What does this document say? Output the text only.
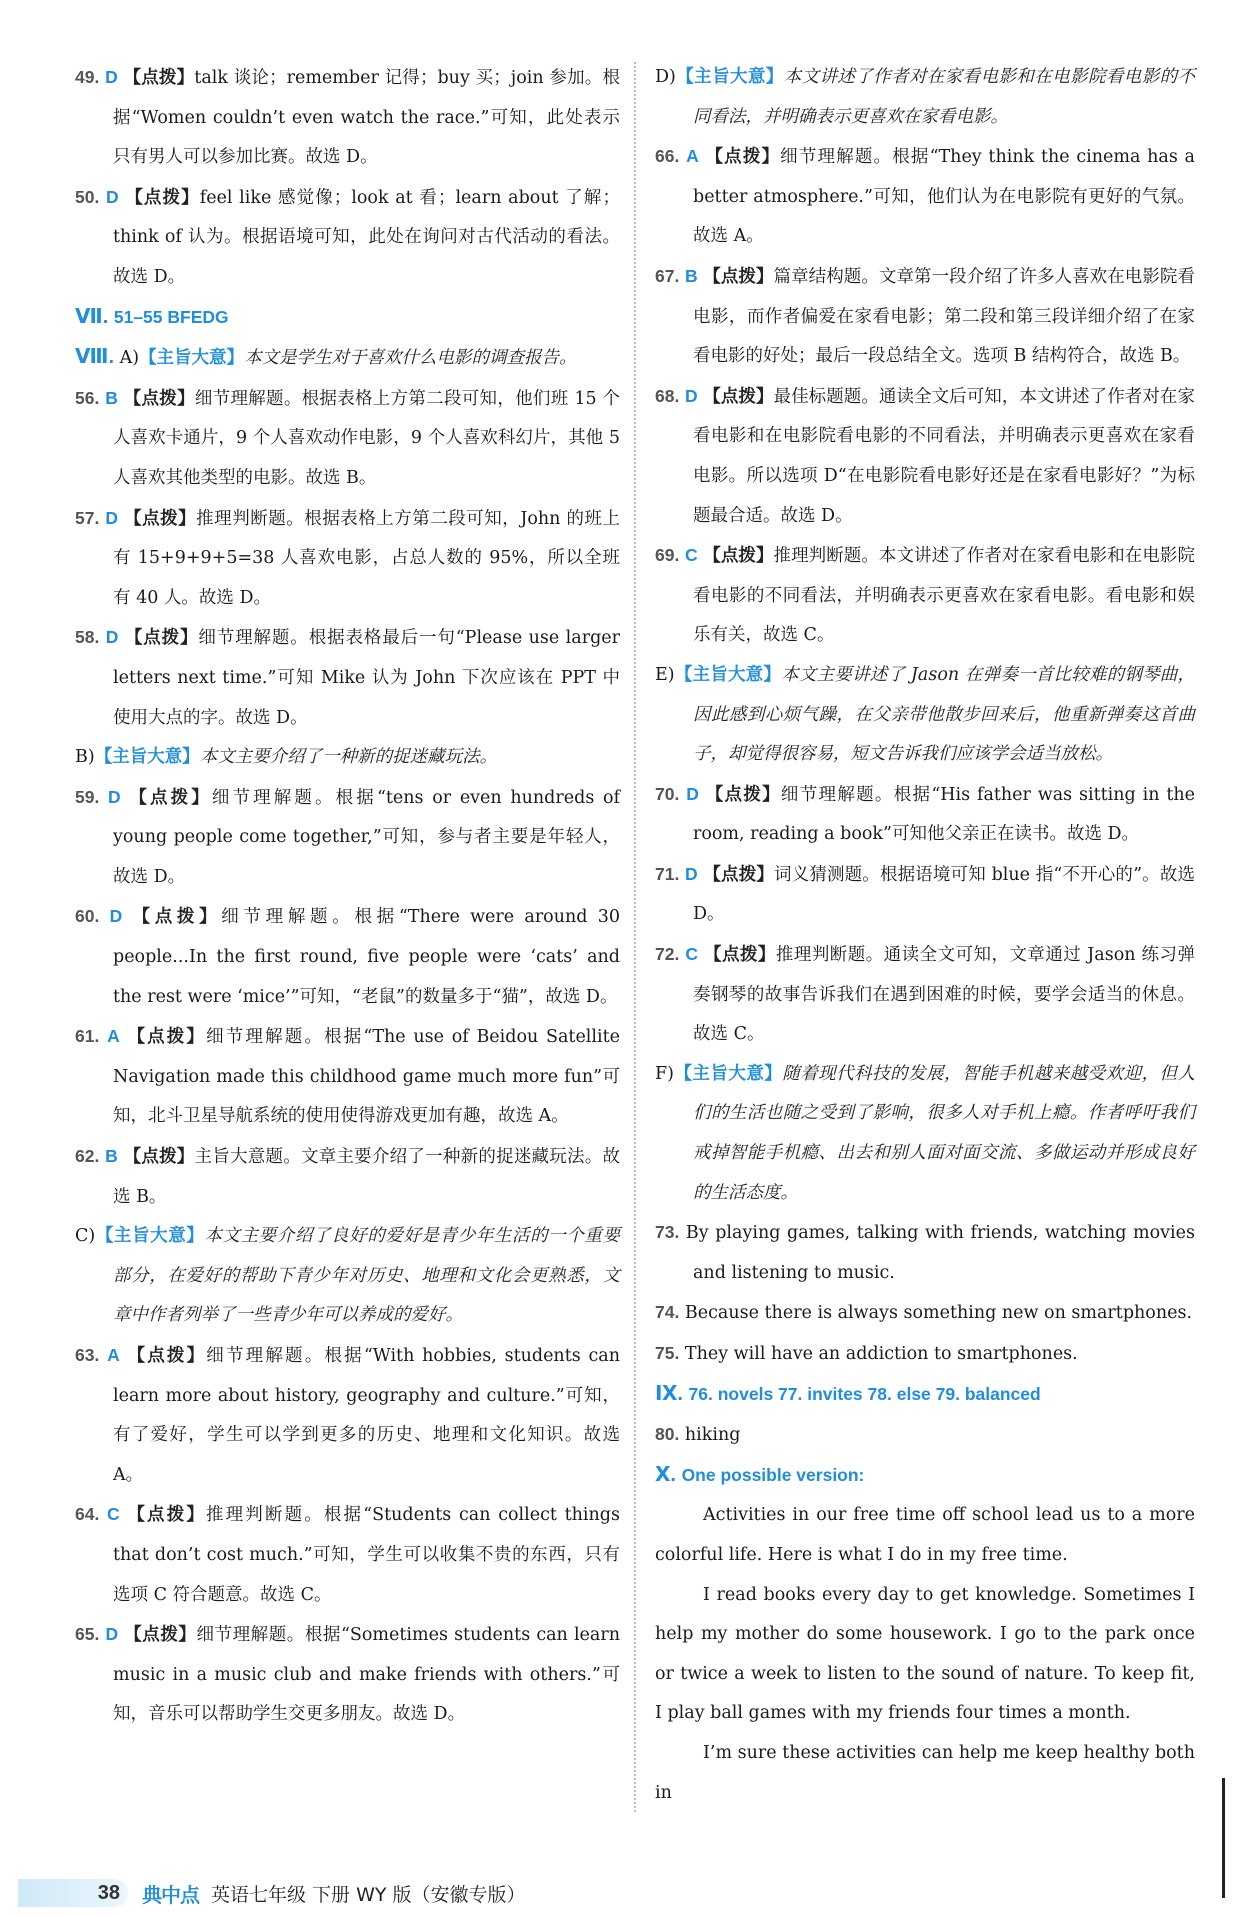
49. D 【点拨】talk 谈论；remember 记得；buy 买；join 参加。根据“Women couldn’t even watch the race.”可知，此处表示只有男人可以参加比赛。故选 D。

50. D 【点拨】feel like 感觉像；look at 看；learn about 了解；think of 认为。根据语境可知，此处在询问对古代活动的看法。故选 D。

Ⅶ. 51–55 BFEDG

Ⅷ. A)【主旨大意】本文是学生对于喜欢什么电影的调查报告。

56. B 【点拨】细节理解题。根据表格上方第二段可知，他们班 15 个人喜欢卡通片，9 个人喜欢动作电影，9 个人喜欢科幻片，其他 5 人喜欢其他类型的电影。故选 B。

57. D 【点拨】推理判断题。根据表格上方第二段可知，John 的班上有 15+9+9+5=38 人喜欢电影，占总人数的 95%，所以全班有 40 人。故选 D。

58. D 【点拨】细节理解题。根据表格最后一句“Please use larger letters next time.”可知 Mike 认为 John 下次应该在 PPT 中使用大点的字。故选 D。

B)【主旨大意】本文主要介绍了一种新的捉迷藏玩法。

59. D 【点拨】细节理解题。根据“tens or even hundreds of young people come together,”可知，参与者主要是年轻人，故选 D。

60. D 【点拨】细节理解题。根据“There were around 30 people...In the first round, five people were ‘cats’ and the rest were ‘mice’”可知，“老鼠”的数量多于“猫”，故选 D。

61. A 【点拨】细节理解题。根据“The use of Beidou Satellite Navigation made this childhood game much more fun”可知，北斗卫星导航系统的使用使得游戏更加有趣，故选 A。

62. B 【点拨】主旨大意题。文章主要介绍了一种新的捉迷藏玩法。故选 B。

C)【主旨大意】本文主要介绍了良好的爱好是青少年生活的一个重要部分，在爱好的帮助下青少年对历史、地理和文化会更熟悉，文章中作者列举了一些青少年可以养成的爱好。

63. A 【点拨】细节理解题。根据“With hobbies, students can learn more about history, geography and culture.”可知，有了爱好，学生可以学到更多的历史、地理和文化知识。故选 A。

64. C 【点拨】推理判断题。根据“Students can collect things that don’t cost much.”可知，学生可以收集不贵的东西，只有选项 C 符合题意。故选 C。

65. D 【点拨】细节理解题。根据“Sometimes students can learn music in a music club and make friends with others.”可知，音乐可以帮助学生交更多朋友。故选 D。

D)【主旨大意】本文讲述了作者对在家看电影和在电影院看电影的不同看法，并明确表示更喜欢在家看电影。

66. A 【点拨】细节理解题。根据“They think the cinema has a better atmosphere.”可知，他们认为在电影院有更好的气氛。故选 A。

67. B 【点拨】篇章结构题。文章第一段介绍了许多人喜欢在电影院看电影，而作者偏爱在家看电影；第二段和第三段详细介绍了在家看电影的好处；最后一段总结全文。选项 B 结构符合，故选 B。

68. D 【点拨】最佳标题题。通读全文后可知，本文讲述了作者对在家看电影和在电影院看电影的不同看法，并明确表示更喜欢在家看电影。所以选项 D“在电影院看电影好还是在家看电影好？”为标题最合适。故选 D。

69. C 【点拨】推理判断题。本文讲述了作者对在家看电影和在电影院看电影的不同看法，并明确表示更喜欢在家看电影。看电影和娱乐有关，故选 C。

E)【主旨大意】本文主要讲述了 Jason 在弹奏一首比较难的钢琴曲，因此感到心烦气躁，在父亲带他散步回来后，他重新弹奏这首曲子，却觉得很容易，短文告诉我们应该学会适当放松。

70. D 【点拨】细节理解题。根据“His father was sitting in the room, reading a book”可知他父亲正在读书。故选 D。

71. D 【点拨】词义猜测题。根据语境可知 blue 指“不开心的”。故选 D。

72. C 【点拨】推理判断题。通读全文可知，文章通过 Jason 练习弹奏钢琴的故事告诉我们在遇到困难的时候，要学会适当的休息。故选 C。

F)【主旨大意】随着现代科技的发展，智能手机越来越受欢迎，但人们的生活也随之受到了影响，很多人对手机上瘾。作者呼吁我们戒掉智能手机瘾、出去和别人面对面交流、多做运动并形成良好的生活态度。

73. By playing games, talking with friends, watching movies and listening to music.

74. Because there is always something new on smartphones.

75. They will have an addiction to smartphones.

Ⅸ. 76. novels 77. invites 78. else 79. balanced

80. hiking

Ⅹ. One possible version:

Activities in our free time off school lead us to a more colorful life. Here is what I do in my free time.

I read books every day to get knowledge. Sometimes I help my mother do some housework. I go to the park once or twice a week to listen to the sound of nature. To keep fit, I play ball games with my friends four times a month.

I’m sure these activities can help me keep healthy both in

38 典中点 英语七年级 下册 WY 版（安徽专版）
